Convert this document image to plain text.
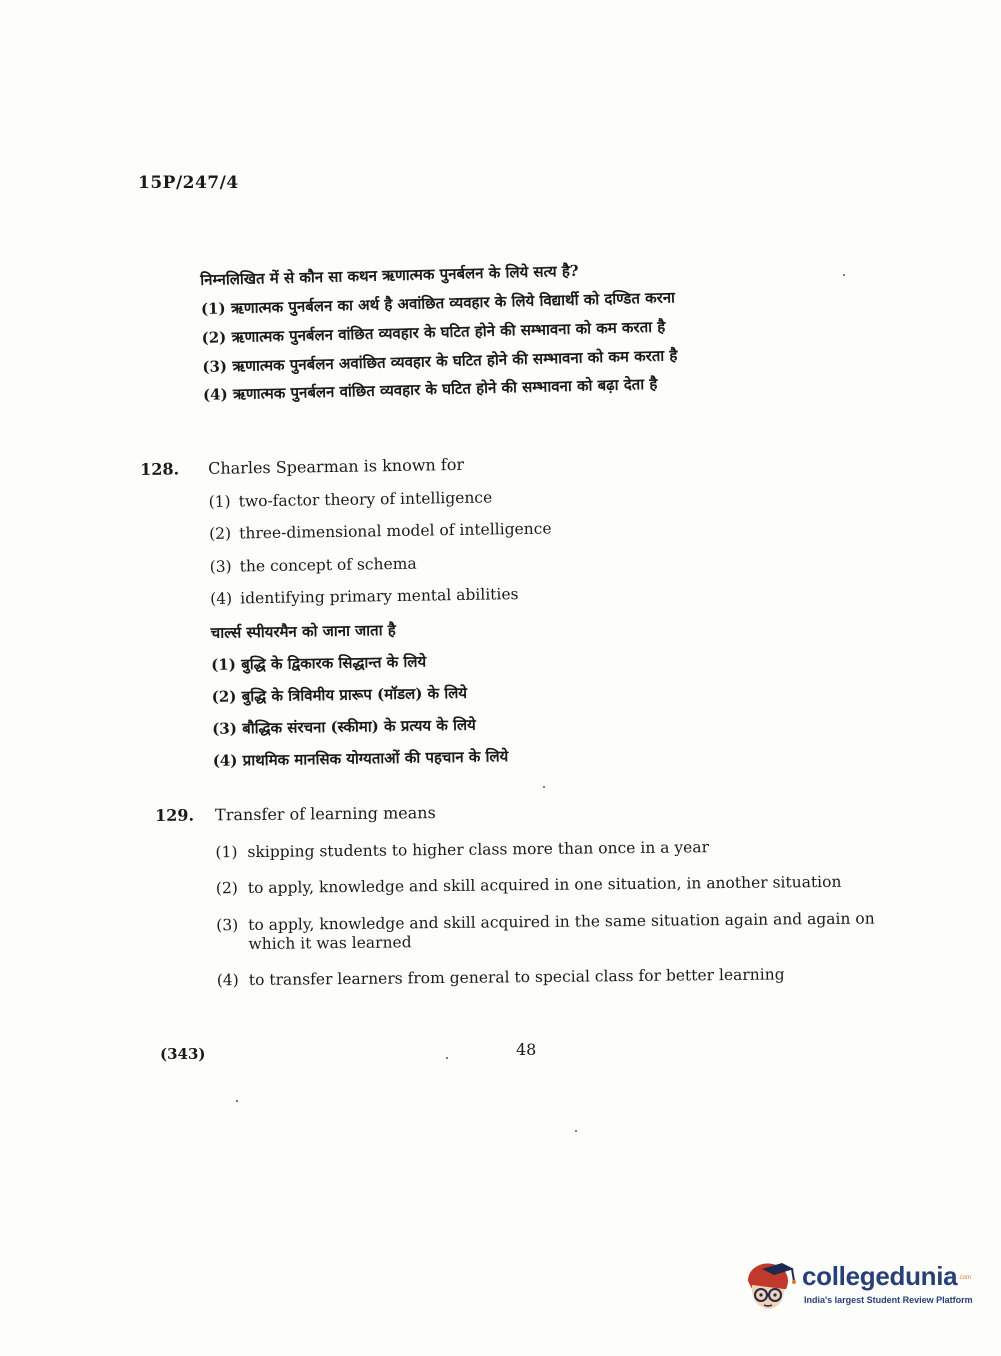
15P/247/4
निम्नलिखित में से कौन सा कथन ऋणात्मक पुनर्बलन के लिये सत्य है?
(1) ऋणात्मक पुनर्बलन का अर्थ है अवांछित व्यवहार के लिये विद्यार्थी को दण्डित करना
(2) ऋणात्मक पुनर्बलन वांछित व्यवहार के घटित होने की सम्भावना को कम करता है
(3) ऋणात्मक पुनर्बलन अवांछित व्यवहार के घटित होने की सम्भावना को कम करता है
(4) ऋणात्मक पुनर्बलन वांछित व्यवहार के घटित होने की सम्भावना को बढ़ा देता है
128.	Charles Spearman is known for
(1) two-factor theory of intelligence
(2) three-dimensional model of intelligence
(3) the concept of schema
(4) identifying primary mental abilities
चार्ल्स स्पीयरमैन को जाना जाता है
(1) बुद्धि के द्विकारक सिद्धान्त के लिये
(2) बुद्धि के त्रिविमीय प्रारूप (मॉडल) के लिये
(3) बौद्धिक संरचना (स्कीमा) के प्रत्यय के लिये
(4) प्राथमिक मानसिक योग्यताओं की पहचान के लिये
129.	Transfer of learning means
(1) skipping students to higher class more than once in a year
(2) to apply, knowledge and skill acquired in one situation, in another situation
(3) to apply, knowledge and skill acquired in the same situation again and again on which it was learned
(4) to transfer learners from general to special class for better learning
(343)	48
collegedunia .com
India's largest Student Review Platform
